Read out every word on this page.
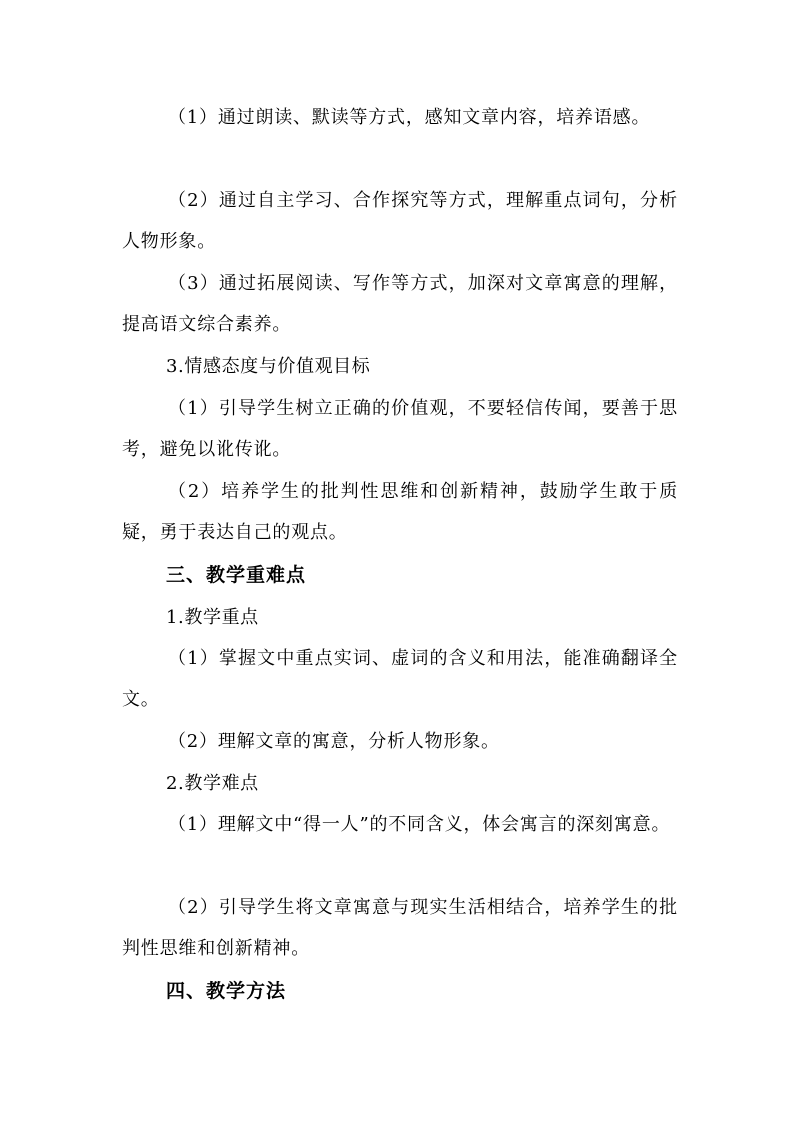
（1）通过朗读、默读等方式，感知文章内容，培养语感。

（2）通过自主学习、合作探究等方式，理解重点词句，分析人物形象。

（3）通过拓展阅读、写作等方式，加深对文章寓意的理解，提高语文综合素养。

3.情感态度与价值观目标

（1）引导学生树立正确的价值观，不要轻信传闻，要善于思考，避免以讹传讹。

（2）培养学生的批判性思维和创新精神，鼓励学生敢于质疑，勇于表达自己的观点。

三、教学重难点

1.教学重点

（1）掌握文中重点实词、虚词的含义和用法，能准确翻译全文。

（2）理解文章的寓意，分析人物形象。

2.教学难点

（1）理解文中“得一人”的不同含义，体会寓言的深刻寓意。

（2）引导学生将文章寓意与现实生活相结合，培养学生的批判性思维和创新精神。

四、教学方法
